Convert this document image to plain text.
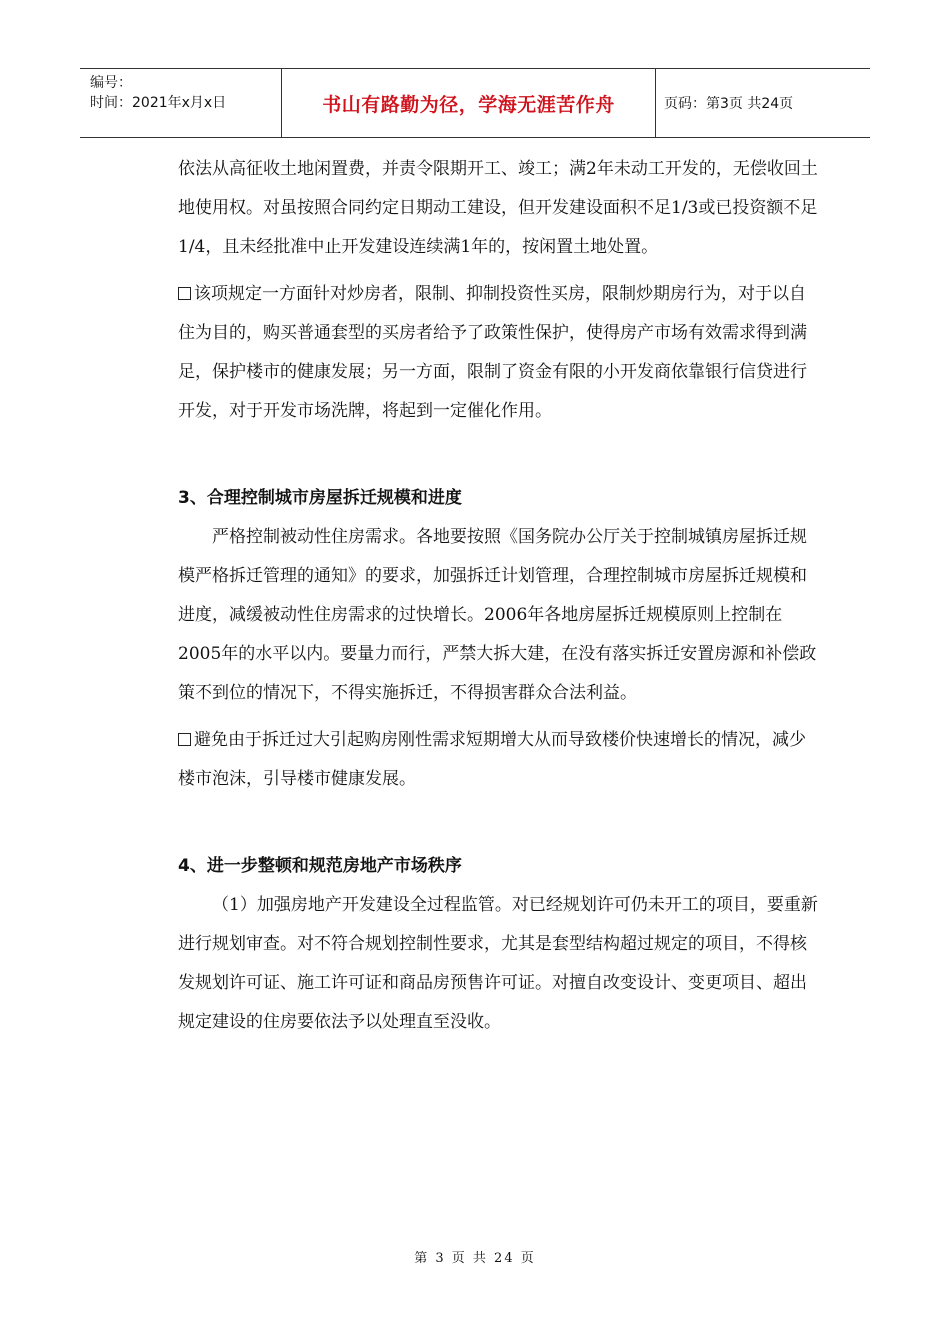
编号：
时间：2021年x月x日	书山有路勤为径，学海无涯苦作舟	页码：第3页 共24页

依法从高征收土地闲置费，并责令限期开工、竣工；满2年未动工开发的，无偿收回土地使用权。对虽按照合同约定日期动工建设，但开发建设面积不足1/3或已投资额不足1/4，且未经批准中止开发建设连续满1年的，按闲置土地处置。

该项规定一方面针对炒房者，限制、抑制投资性买房，限制炒期房行为，对于以自住为目的，购买普通套型的买房者给予了政策性保护，使得房产市场有效需求得到满足，保护楼市的健康发展；另一方面，限制了资金有限的小开发商依靠银行信贷进行开发，对于开发市场洗牌，将起到一定催化作用。

3、合理控制城市房屋拆迁规模和进度

严格控制被动性住房需求。各地要按照《国务院办公厅关于控制城镇房屋拆迁规模严格拆迁管理的通知》的要求，加强拆迁计划管理，合理控制城市房屋拆迁规模和进度，减缓被动性住房需求的过快增长。2006年各地房屋拆迁规模原则上控制在2005年的水平以内。要量力而行，严禁大拆大建，在没有落实拆迁安置房源和补偿政策不到位的情况下，不得实施拆迁，不得损害群众合法利益。

避免由于拆迁过大引起购房刚性需求短期增大从而导致楼价快速增长的情况，减少楼市泡沫，引导楼市健康发展。

4、进一步整顿和规范房地产市场秩序

（1）加强房地产开发建设全过程监管。对已经规划许可仍未开工的项目，要重新进行规划审查。对不符合规划控制性要求，尤其是套型结构超过规定的项目，不得核发规划许可证、施工许可证和商品房预售许可证。对擅自改变设计、变更项目、超出规定建设的住房要依法予以处理直至没收。

第 3 页 共 24 页
